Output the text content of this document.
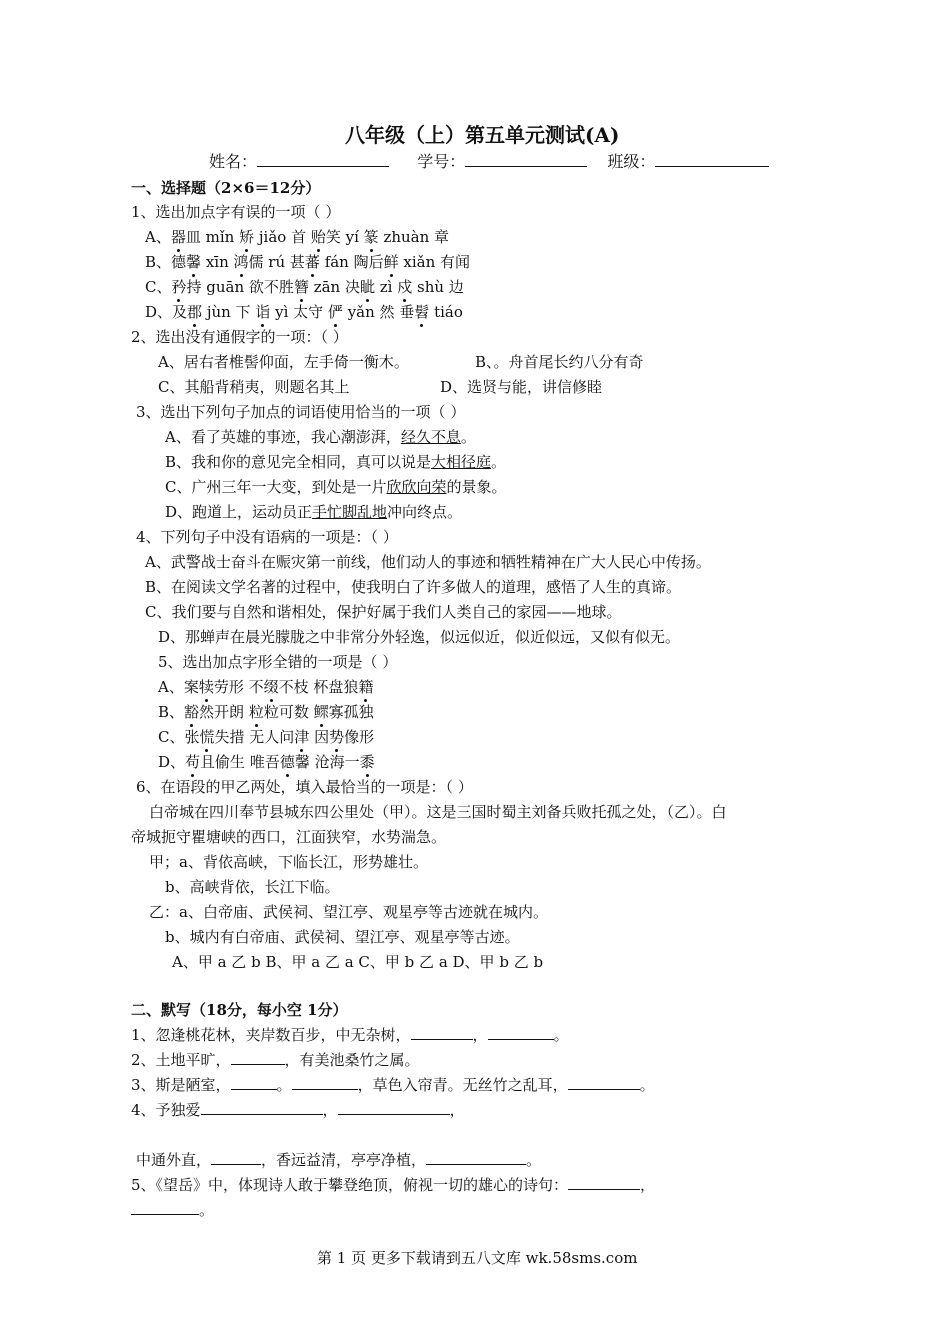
八年级（上）第五单元测试(A)
姓名：	学号：	班级：
一、选择题（2×6＝12分）
1、选出加点字有误的一项（ ）
A、器皿 mǐn 矫 jiǎo 首 贻笑 yí 篆 zhuàn 章
B、德馨 xīn 鸿儒 rú 甚蕃 fán 陶后鲜 xiǎn 有闻
C、矜持 guān 欲不胜簪 zān 决眦 zì 戍 shù 边
D、及郡 jùn 下 诣 yì 太守 俨 yǎn 然 垂髫 tiáo
2、选出没有通假字的一项：（ ）
A、居右者椎髻仰面，左手倚一衡木。	B、。舟首尾长约八分有奇
C、其船背稍夷，则题名其上	D、选贤与能，讲信修睦
3、选出下列句子加点的词语使用恰当的一项（ ）
A、看了英雄的事迹，我心潮澎湃，经久不息。
B、我和你的意见完全相同，真可以说是大相径庭。
C、广州三年一大变，到处是一片欣欣向荣的景象。
D、跑道上，运动员正手忙脚乱地冲向终点。
4、下列句子中没有语病的一项是：（ ）
A、武警战士奋斗在赈灾第一前线，他们动人的事迹和牺牲精神在广大人民心中传扬。
B、在阅读文学名著的过程中，使我明白了许多做人的道理，感悟了人生的真谛。
C、我们要与自然和谐相处，保护好属于我们人类自己的家园——地球。
D、那蝉声在晨光朦胧之中非常分外轻逸，似远似近，似近似远，又似有似无。
5、选出加点字形全错的一项是（ ）
A、案犊劳形 不缀不枝 杯盘狼籍
B、豁然开朗 粒粒可数 鳏寡孤独
C、张慌失措 无人问津 因势像形
D、苟且偷生 唯吾德馨 沧海一黍
6、在语段的甲乙两处，填入最恰当的一项是：（ ）
白帝城在四川奉节县城东四公里处（甲）。这是三国时蜀主刘备兵败托孤之处，（乙）。白
帝城扼守瞿塘峡的西口，江面狭窄，水势湍急。
甲；a、背依高峡，下临长江，形势雄壮。
b、高峡背依，长江下临。
乙：a、白帝庙、武侯祠、望江亭、观星亭等古迹就在城内。
b、城内有白帝庙、武侯祠、望江亭、观星亭等古迹。
A、甲 a 乙 b B、甲 a 乙 a C、甲 b 乙 a D、甲 b 乙 b
二、默写（18分，每小空 1分）
1、忽逢桃花林，夹岸数百步，中无杂树，	，	。
2、土地平旷，	，有美池桑竹之属。
3、斯是陋室，	。	，草色入帘青。无丝竹之乱耳，	。
4、予独爱	，	，
中通外直，	，香远益清，亭亭净植，	。
5、《望岳》中，体现诗人敢于攀登绝顶，俯视一切的雄心的诗句：	，
。
第 1 页 更多下载请到五八文库 wk.58sms.com
